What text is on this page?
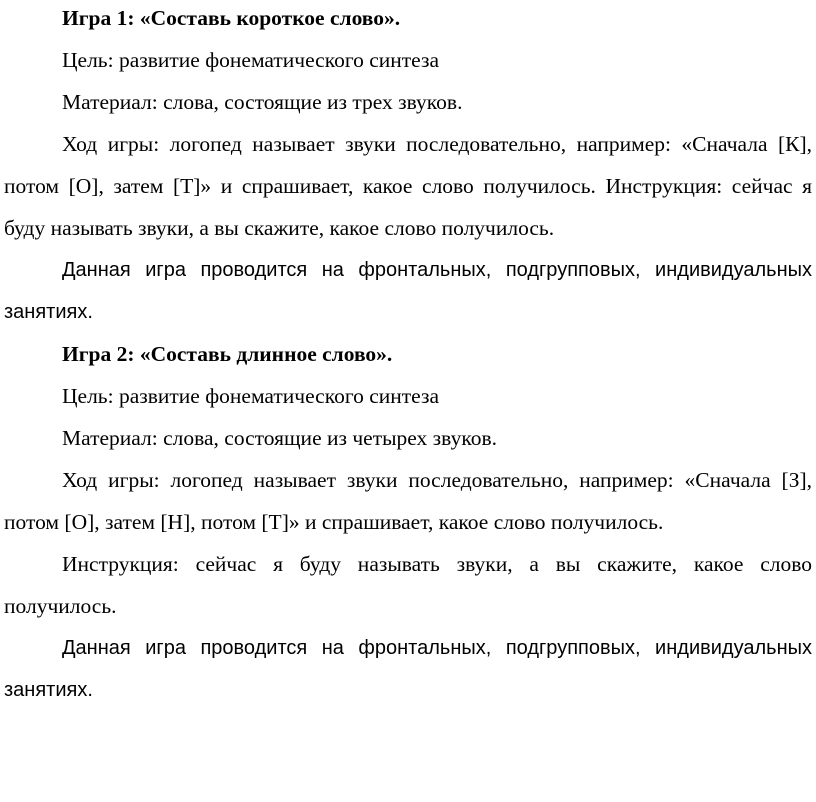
Игра 1: «Составь короткое слово».

Цель: развитие фонематического синтеза

Материал: слова, состоящие из трех звуков.

Ход игры: логопед называет звуки последовательно, например: «Сначала [К], потом [О], затем [Т]» и спрашивает, какое слово получилось. Инструкция: сейчас я буду называть звуки, а вы скажите, какое слово получилось.

Данная игра проводится на фронтальных, подгрупповых, индивидуальных занятиях.

Игра 2: «Составь длинное слово».

Цель: развитие фонематического синтеза

Материал: слова, состоящие из четырех звуков.

Ход игры: логопед называет звуки последовательно, например: «Сначала [З], потом [О], затем [Н], потом [Т]» и спрашивает, какое слово получилось.

Инструкция: сейчас я буду называть звуки, а вы скажите, какое слово получилось.

Данная игра проводится на фронтальных, подгрупповых, индивидуальных занятиях.
